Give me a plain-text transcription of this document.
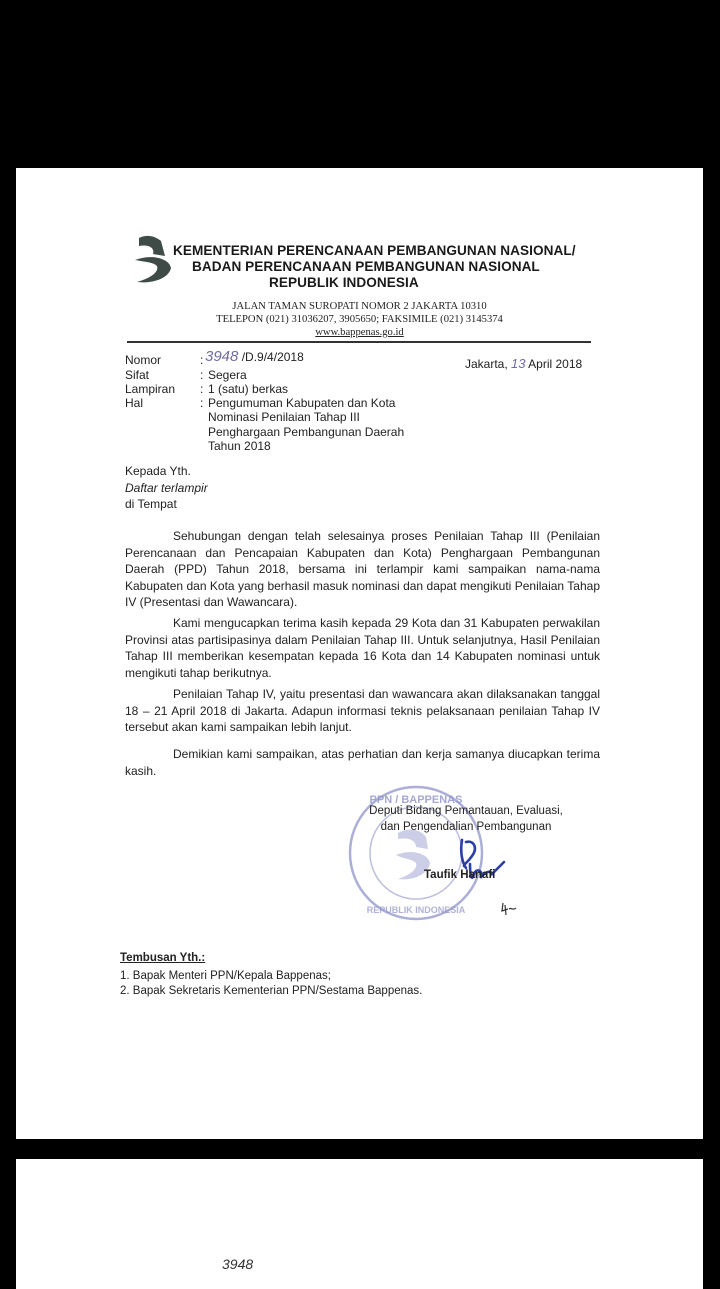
KEMENTERIAN PERENCANAAN PEMBANGUNAN NASIONAL/
BADAN PERENCANAAN PEMBANGUNAN NASIONAL
REPUBLIK INDONESIA
JALAN TAMAN SUROPATI NOMOR 2 JAKARTA 10310
TELEPON (021) 31036207, 3905650; FAKSIMILE (021) 3145374
www.bappenas.go.id
Nomor	: 3948 /D.9/4/2018	Jakarta, 13 April 2018
Sifat	: Segera
Lampiran : 1 (satu) berkas
Hal	: Pengumuman Kabupaten dan Kota
Nominasi Penilaian Tahap III
Penghargaan Pembangunan Daerah
Tahun 2018
Kepada Yth.
Daftar terlampir
di Tempat
Sehubungan dengan telah selesainya proses Penilaian Tahap III (Penilaian Perencanaan dan Pencapaian Kabupaten dan Kota) Penghargaan Pembangunan Daerah (PPD) Tahun 2018, bersama ini terlampir kami sampaikan nama-nama Kabupaten dan Kota yang berhasil masuk nominasi dan dapat mengikuti Penilaian Tahap IV (Presentasi dan Wawancara).
Kami mengucapkan terima kasih kepada 29 Kota dan 31 Kabupaten perwakilan Provinsi atas partisipasinya dalam Penilaian Tahap III. Untuk selanjutnya, Hasil Penilaian Tahap III memberikan kesempatan kepada 16 Kota dan 14 Kabupaten nominasi untuk mengikuti tahap berikutnya.
Penilaian Tahap IV, yaitu presentasi dan wawancara akan dilaksanakan tanggal 18 – 21 April 2018 di Jakarta. Adapun informasi teknis pelaksanaan penilaian Tahap IV tersebut akan kami sampaikan lebih lanjut.
Demikian kami sampaikan, atas perhatian dan kerja samanya diucapkan terima kasih.
PPN / BAPPENAS
REPUBLIK INDONESIA
Deputi Bidang Pemantauan, Evaluasi,
dan Pengendalian Pembangunan
Taufik Hanafi
Tembusan Yth.:
1. Bapak Menteri PPN/Kepala Bappenas;
2. Bapak Sekretaris Kementerian PPN/Sestama Bappenas.
3948
